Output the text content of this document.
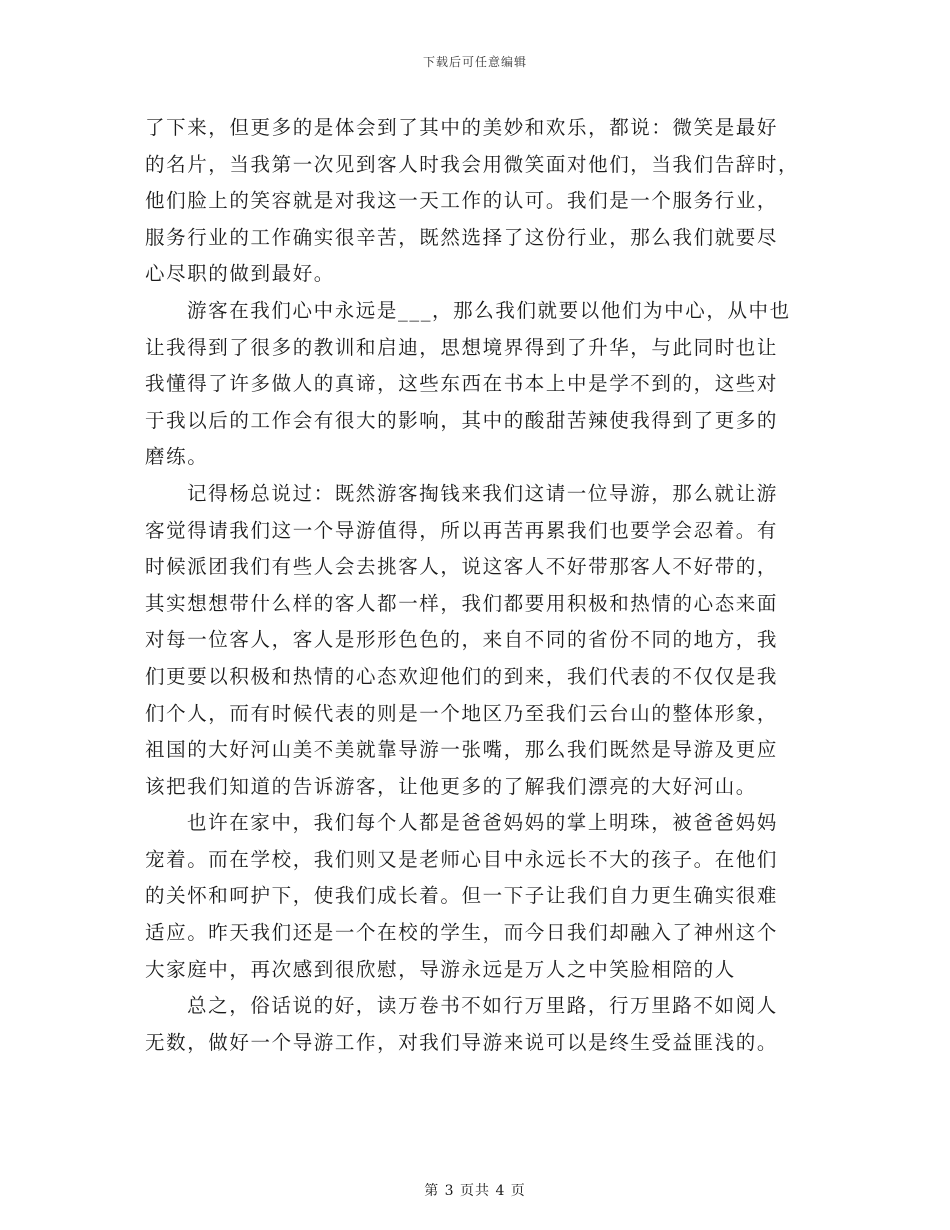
下载后可任意编辑
了下来，但更多的是体会到了其中的美妙和欢乐，都说：微笑是最好
的名片，当我第一次见到客人时我会用微笑面对他们，当我们告辞时，
他们脸上的笑容就是对我这一天工作的认可。我们是一个服务行业，
服务行业的工作确实很辛苦，既然选择了这份行业，那么我们就要尽
心尽职的做到最好。
游客在我们心中永远是___，那么我们就要以他们为中心，从中也
让我得到了很多的教训和启迪，思想境界得到了升华，与此同时也让
我懂得了许多做人的真谛，这些东西在书本上中是学不到的，这些对
于我以后的工作会有很大的影响，其中的酸甜苦辣使我得到了更多的
磨练。
记得杨总说过：既然游客掏钱来我们这请一位导游，那么就让游
客觉得请我们这一个导游值得，所以再苦再累我们也要学会忍着。有
时候派团我们有些人会去挑客人，说这客人不好带那客人不好带的，
其实想想带什么样的客人都一样，我们都要用积极和热情的心态来面
对每一位客人，客人是形形色色的，来自不同的省份不同的地方，我
们更要以积极和热情的心态欢迎他们的到来，我们代表的不仅仅是我
们个人，而有时候代表的则是一个地区乃至我们云台山的整体形象，
祖国的大好河山美不美就靠导游一张嘴，那么我们既然是导游及更应
该把我们知道的告诉游客，让他更多的了解我们漂亮的大好河山。
也许在家中，我们每个人都是爸爸妈妈的掌上明珠，被爸爸妈妈
宠着。而在学校，我们则又是老师心目中永远长不大的孩子。在他们
的关怀和呵护下，使我们成长着。但一下子让我们自力更生确实很难
适应。昨天我们还是一个在校的学生，而今日我们却融入了神州这个
大家庭中，再次感到很欣慰，导游永远是万人之中笑脸相陪的人
总之，俗话说的好，读万卷书不如行万里路，行万里路不如阅人
无数，做好一个导游工作，对我们导游来说可以是终生受益匪浅的。
第 3 页共 4 页
